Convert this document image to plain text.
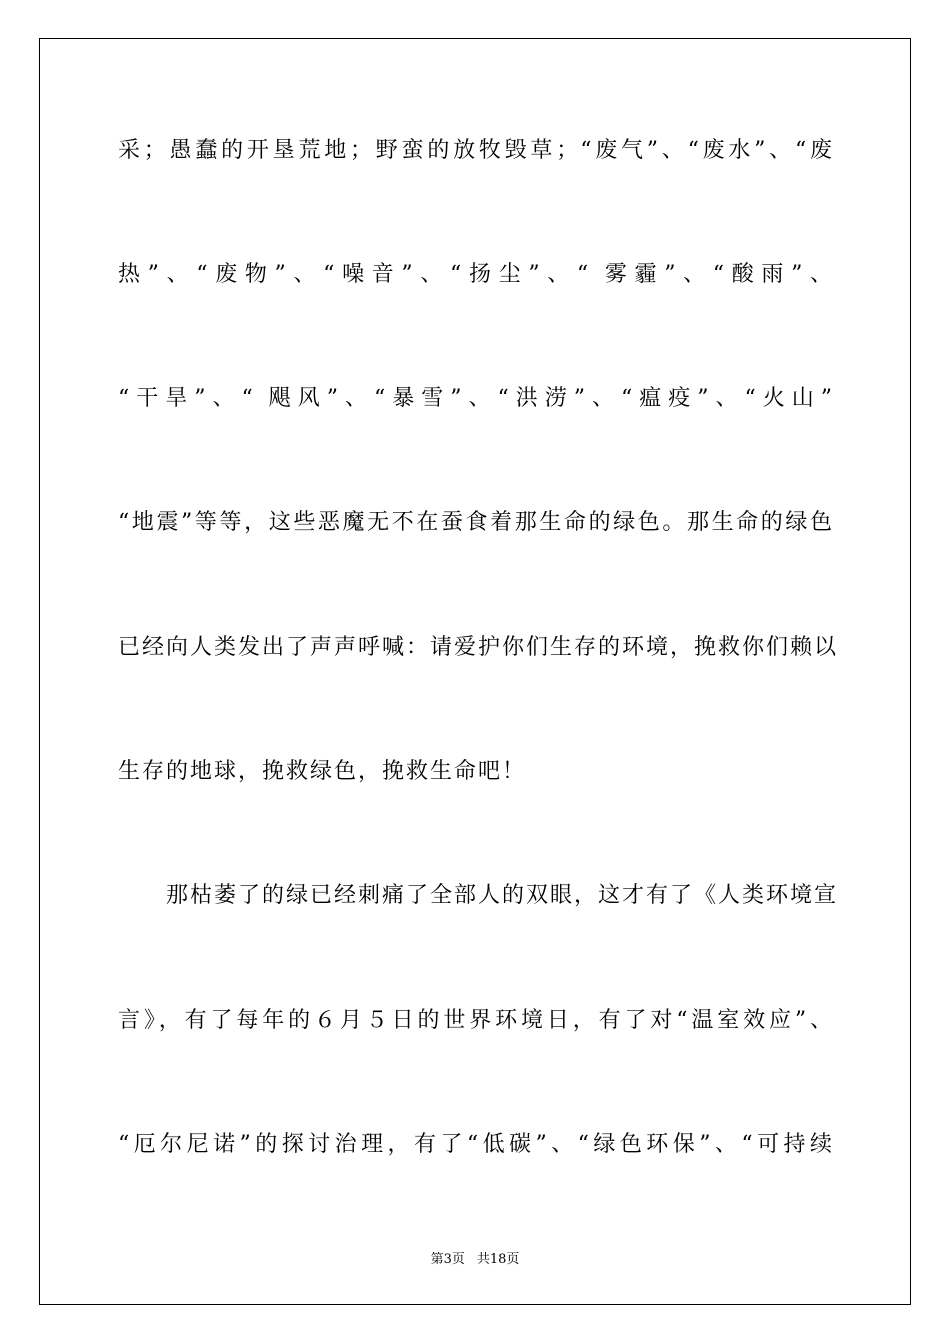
采；愚蠢的开垦荒地；野蛮的放牧毁草；“废气”、“废水”、“废
热”、“废物”、“噪音”、“扬尘”、“ 雾霾”、“酸雨”、
“干旱”、“ 飓风”、“暴雪”、“洪涝”、“瘟疫”、“火山”
“地震”等等，这些恶魔无不在蚕食着那生命的绿色。那生命的绿色
已经向人类发出了声声呼喊：请爱护你们生存的环境，挽救你们赖以
生存的地球，挽救绿色，挽救生命吧！
　　那枯萎了的绿已经刺痛了全部人的双眼，这才有了《人类环境宣
言》，有了每年的６月５日的世界环境日，有了对“温室效应”、
“厄尔尼诺”的探讨治理，有了“低碳”、“绿色环保”、“可持续
第3页 共18页
